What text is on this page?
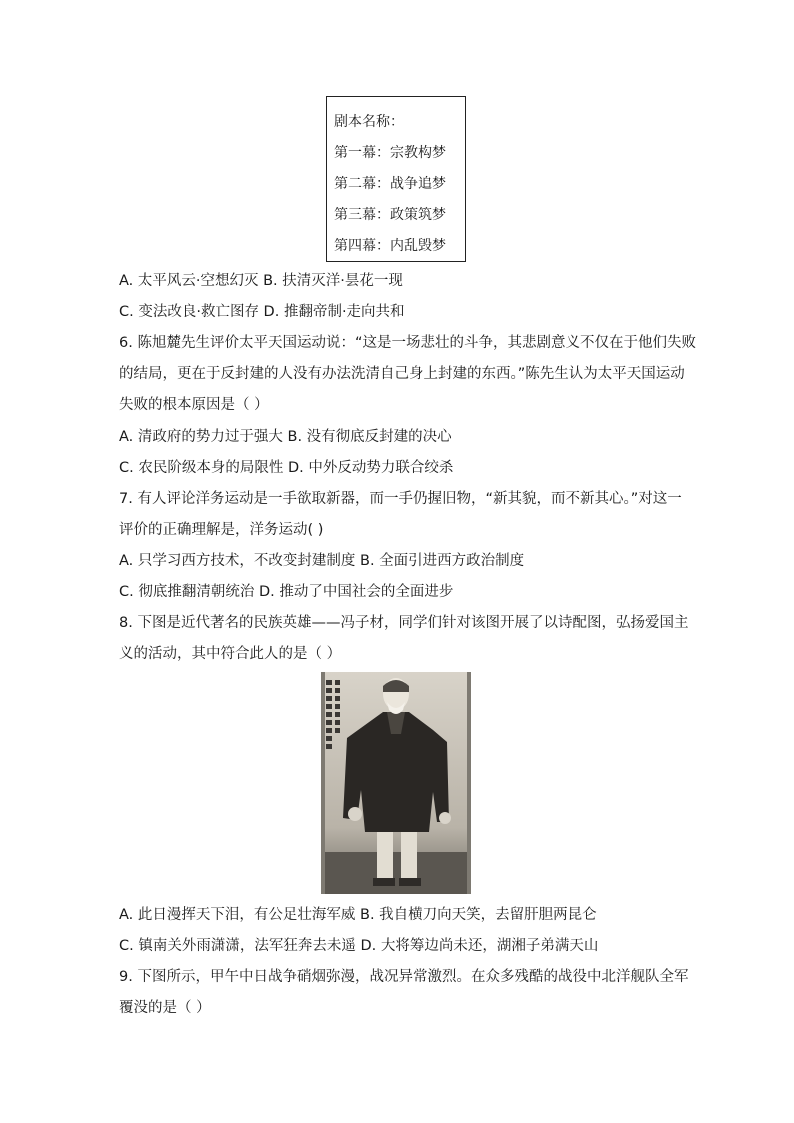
剧本名称：
第一幕：宗教构梦
第二幕：战争追梦
第三幕：政策筑梦
第四幕：内乱毁梦
A. 太平风云·空想幻灭 B. 扶清灭洋·昙花一现
C. 变法改良·救亡图存 D. 推翻帝制·走向共和
6. 陈旭麓先生评价太平天国运动说：“这是一场悲壮的斗争，其悲剧意义不仅在于他们失败
的结局，更在于反封建的人没有办法洗清自己身上封建的东西。”陈先生认为太平天国运动
失败的根本原因是（ ）
A. 清政府的势力过于强大 B. 没有彻底反封建的决心
C. 农民阶级本身的局限性 D. 中外反动势力联合绞杀
7. 有人评论洋务运动是一手欲取新器，而一手仍握旧物，“新其貌，而不新其心。”对这一
评价的正确理解是，洋务运动( )
A. 只学习西方技术，不改变封建制度 B. 全面引进西方政治制度
C. 彻底推翻清朝统治 D. 推动了中国社会的全面进步
8. 下图是近代著名的民族英雄——冯子材，同学们针对该图开展了以诗配图，弘扬爱国主
义的活动，其中符合此人的是（ ）
A. 此日漫挥天下泪，有公足壮海军威 B. 我自横刀向天笑，去留肝胆两昆仑
C. 镇南关外雨潇潇，法军狂奔去未遥 D. 大将筹边尚未还，湖湘子弟满天山
9. 下图所示，甲午中日战争硝烟弥漫，战况异常激烈。在众多残酷的战役中北洋舰队全军
覆没的是（ ）
